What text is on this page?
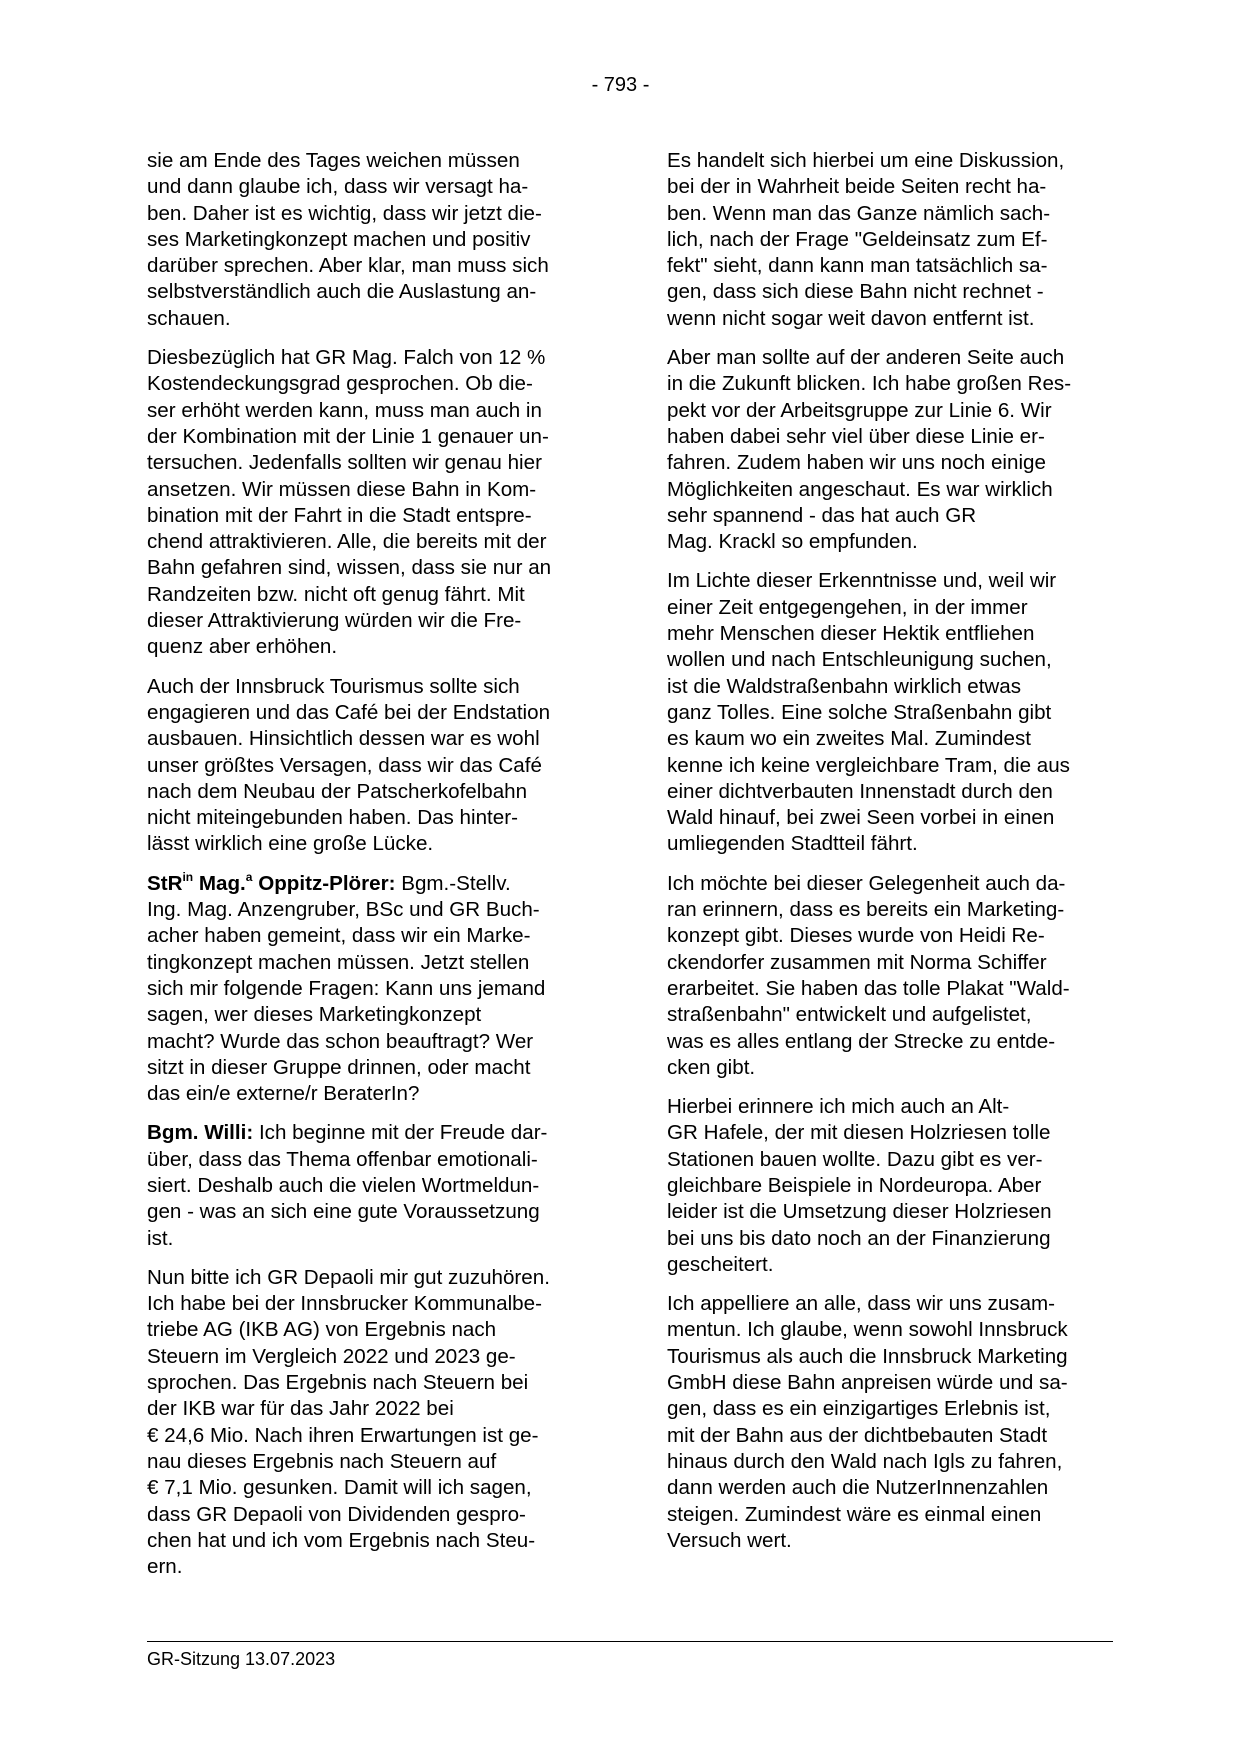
- 793 -

sie am Ende des Tages weichen müssen
und dann glaube ich, dass wir versagt ha-
ben. Daher ist es wichtig, dass wir jetzt die-
ses Marketingkonzept machen und positiv
darüber sprechen. Aber klar, man muss sich
selbstverständlich auch die Auslastung an-
schauen.

Diesbezüglich hat GR Mag. Falch von 12 %
Kostendeckungsgrad gesprochen. Ob die-
ser erhöht werden kann, muss man auch in
der Kombination mit der Linie 1 genauer un-
tersuchen. Jedenfalls sollten wir genau hier
ansetzen. Wir müssen diese Bahn in Kom-
bination mit der Fahrt in die Stadt entspre-
chend attraktivieren. Alle, die bereits mit der
Bahn gefahren sind, wissen, dass sie nur an
Randzeiten bzw. nicht oft genug fährt. Mit
dieser Attraktivierung würden wir die Fre-
quenz aber erhöhen.

Auch der Innsbruck Tourismus sollte sich
engagieren und das Café bei der Endstation
ausbauen. Hinsichtlich dessen war es wohl
unser größtes Versagen, dass wir das Café
nach dem Neubau der Patscherkofelbahn
nicht miteingebunden haben. Das hinter-
lässt wirklich eine große Lücke.

StR$^{in}$ Mag.$^a$ Oppitz-Plörer: Bgm.-Stellv.
Ing. Mag. Anzengruber, BSc und GR Buch-
acher haben gemeint, dass wir ein Marke-
tingkonzept machen müssen. Jetzt stellen
sich mir folgende Fragen: Kann uns jemand
sagen, wer dieses Marketingkonzept
macht? Wurde das schon beauftragt? Wer
sitzt in dieser Gruppe drinnen, oder macht
das ein/e externe/r BeraterIn?

Bgm. Willi: Ich beginne mit der Freude dar-
über, dass das Thema offenbar emotionali-
siert. Deshalb auch die vielen Wortmeldun-
gen - was an sich eine gute Voraussetzung
ist.

Nun bitte ich GR Depaoli mir gut zuzuhören.
Ich habe bei der Innsbrucker Kommunalbe-
triebe AG (IKB AG) von Ergebnis nach
Steuern im Vergleich 2022 und 2023 ge-
sprochen. Das Ergebnis nach Steuern bei
der IKB war für das Jahr 2022 bei
€ 24,6 Mio. Nach ihren Erwartungen ist ge-
nau dieses Ergebnis nach Steuern auf
€ 7,1 Mio. gesunken. Damit will ich sagen,
dass GR Depaoli von Dividenden gespro-
chen hat und ich vom Ergebnis nach Steu-
ern.

Es handelt sich hierbei um eine Diskussion,
bei der in Wahrheit beide Seiten recht ha-
ben. Wenn man das Ganze nämlich sach-
lich, nach der Frage "Geldeinsatz zum Ef-
fekt" sieht, dann kann man tatsächlich sa-
gen, dass sich diese Bahn nicht rechnet -
wenn nicht sogar weit davon entfernt ist.

Aber man sollte auf der anderen Seite auch
in die Zukunft blicken. Ich habe großen Res-
pekt vor der Arbeitsgruppe zur Linie 6. Wir
haben dabei sehr viel über diese Linie er-
fahren. Zudem haben wir uns noch einige
Möglichkeiten angeschaut. Es war wirklich
sehr spannend - das hat auch GR
Mag. Krackl so empfunden.

Im Lichte dieser Erkenntnisse und, weil wir
einer Zeit entgegengehen, in der immer
mehr Menschen dieser Hektik entfliehen
wollen und nach Entschleunigung suchen,
ist die Waldstraßenbahn wirklich etwas
ganz Tolles. Eine solche Straßenbahn gibt
es kaum wo ein zweites Mal. Zumindest
kenne ich keine vergleichbare Tram, die aus
einer dichtverbauten Innenstadt durch den
Wald hinauf, bei zwei Seen vorbei in einen
umliegenden Stadtteil fährt.

Ich möchte bei dieser Gelegenheit auch da-
ran erinnern, dass es bereits ein Marketing-
konzept gibt. Dieses wurde von Heidi Re-
ckendorfer zusammen mit Norma Schiffer
erarbeitet. Sie haben das tolle Plakat "Wald-
straßenbahn" entwickelt und aufgelistet,
was es alles entlang der Strecke zu entde-
cken gibt.

Hierbei erinnere ich mich auch an Alt-
GR Hafele, der mit diesen Holzriesen tolle
Stationen bauen wollte. Dazu gibt es ver-
gleichbare Beispiele in Nordeuropa. Aber
leider ist die Umsetzung dieser Holzriesen
bei uns bis dato noch an der Finanzierung
gescheitert.

Ich appelliere an alle, dass wir uns zusam-
mentun. Ich glaube, wenn sowohl Innsbruck
Tourismus als auch die Innsbruck Marketing
GmbH diese Bahn anpreisen würde und sa-
gen, dass es ein einzigartiges Erlebnis ist,
mit der Bahn aus der dichtbebauten Stadt
hinaus durch den Wald nach Igls zu fahren,
dann werden auch die NutzerInnenzahlen
steigen. Zumindest wäre es einmal einen
Versuch wert.

GR-Sitzung 13.07.2023
